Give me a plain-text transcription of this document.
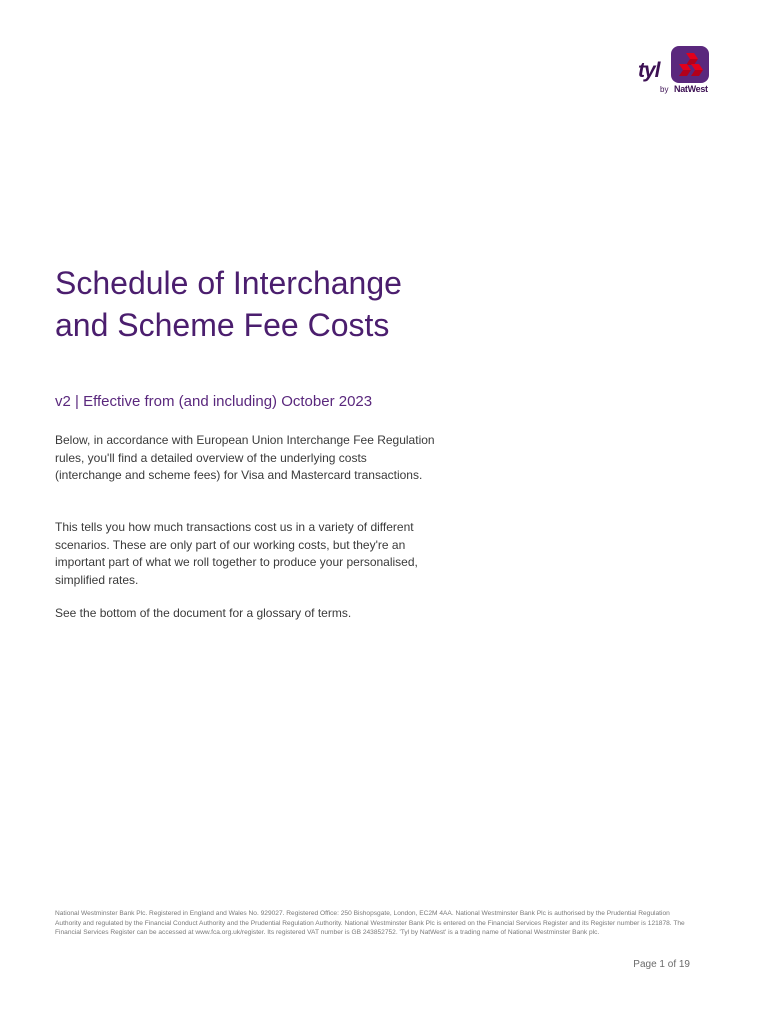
tyl
by NatWest
Schedule of Interchange
and Scheme Fee Costs
v2 | Effective from (and including) October 2023

Below, in accordance with European Union Interchange Fee Regulation rules, you'll find a detailed overview of the underlying costs (interchange and scheme fees) for Visa and Mastercard transactions.

This tells you how much transactions cost us in a variety of different scenarios. These are only part of our working costs, but they're an important part of what we roll together to produce your personalised, simplified rates.

See the bottom of the document for a glossary of terms.

National Westminster Bank Plc. Registered in England and Wales No. 929027. Registered Office: 250 Bishopsgate, London, EC2M 4AA. National Westminster Bank Plc is authorised by the Prudential Regulation Authority and regulated by the Financial Conduct Authority and the Prudential Regulation Authority. National Westminster Bank Plc is entered on the Financial Services Register and its Register number is 121878. The Financial Services Register can be accessed at www.fca.org.uk/register. Its registered VAT number is GB 243852752. 'Tyl by NatWest' is a trading name of National Westminster Bank plc.

Page 1 of 19
